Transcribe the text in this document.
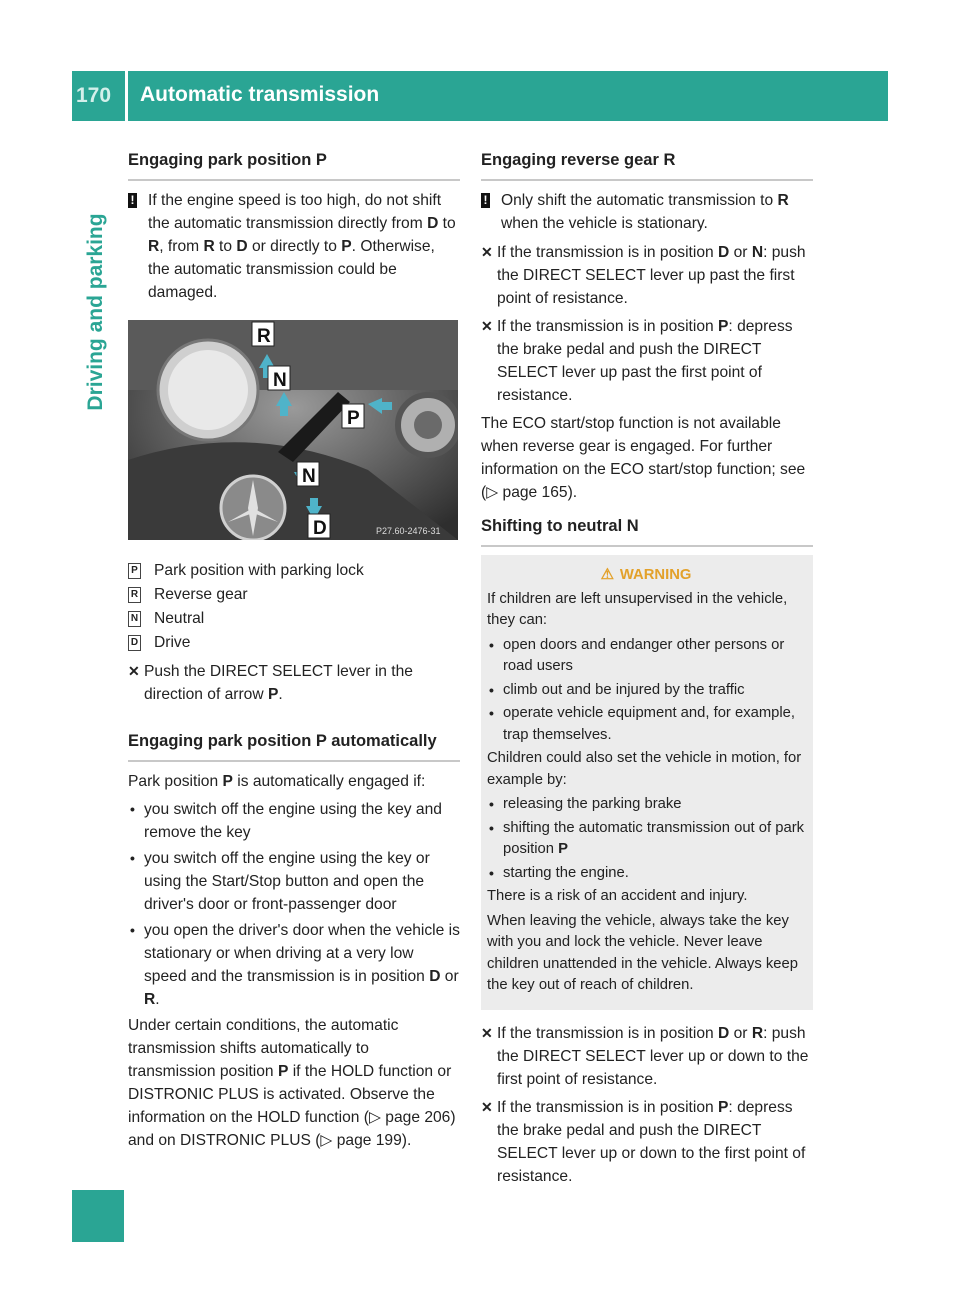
170	Automatic transmission
Driving and parking
Engaging park position P
! If the engine speed is too high, do not shift the automatic transmission directly from D to R, from R to D or directly to P. Otherwise, the automatic transmission could be damaged.
R
N
P
N
D	P27.60-2476-31
P Park position with parking lock
R Reverse gear
N Neutral
D Drive
✕ Push the DIRECT SELECT lever in the direction of arrow P.
Engaging park position P automatically

Park position P is automatically engaged if:

• you switch off the engine using the key and remove the key
• you switch off the engine using the key or using the Start/Stop button and open the driver's door or front-passenger door
• you open the driver's door when the vehicle is stationary or when driving at a very low speed and the transmission is in position D or R.

Under certain conditions, the automatic transmission shifts automatically to transmission position P if the HOLD function or DISTRONIC PLUS is activated. Observe the information on the HOLD function (▷ page 206) and on DISTRONIC PLUS (▷ page 199).

Engaging reverse gear R
! Only shift the automatic transmission to R when the vehicle is stationary.
✕ If the transmission is in position D or N: push the DIRECT SELECT lever up past the first point of resistance.
✕ If the transmission is in position P: depress the brake pedal and push the DIRECT SELECT lever up past the first point of resistance.

The ECO start/stop function is not available when reverse gear is engaged. For further information on the ECO start/stop function; see (▷ page 165).

Shifting to neutral N
⚠ WARNING

If children are left unsupervised in the vehicle, they can:

• open doors and endanger other persons or road users
• climb out and be injured by the traffic
• operate vehicle equipment and, for example, trap themselves.

Children could also set the vehicle in motion, for example by:

• releasing the parking brake
• shifting the automatic transmission out of park position P
• starting the engine.

There is a risk of an accident and injury.

When leaving the vehicle, always take the key with you and lock the vehicle. Never leave children unattended in the vehicle. Always keep the key out of reach of children.

✕ If the transmission is in position D or R: push the DIRECT SELECT lever up or down to the first point of resistance.
✕ If the transmission is in position P: depress the brake pedal and push the DIRECT SELECT lever up or down to the first point of resistance.
